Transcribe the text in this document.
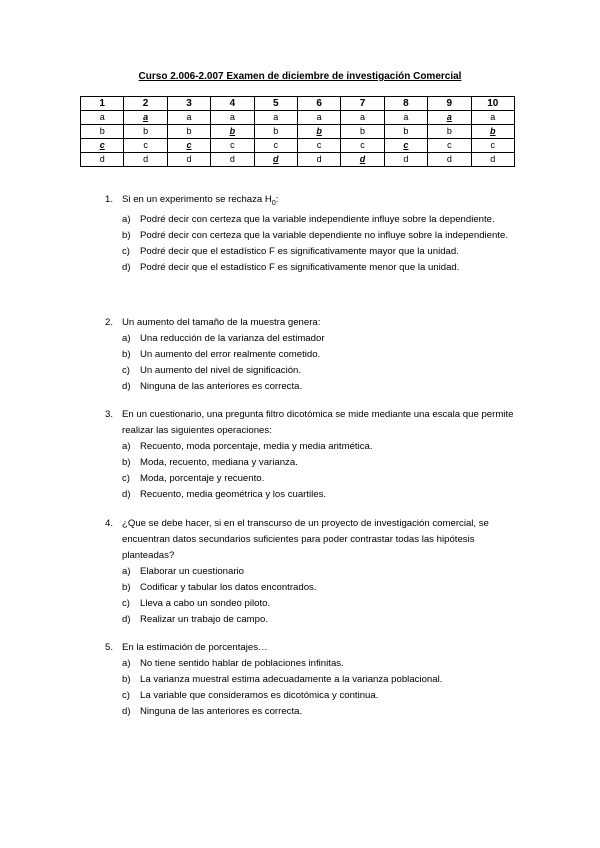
Curso 2.006-2.007 Examen de diciembre de investigación Comercial
1	2	3	4	5	6	7	8	9	10
a	a	a	a	a	a	a	a	a	a
b	b	b	b	b	b	b	b	b	b
c	c	c	c	c	c	c	c	c	c
d	d	d	d	d	d	d	d	d	d
1. Si en un experimento se rechaza $H_0$:
a) Podré decir con certeza que la variable independiente influye sobre la dependiente.
b) Podré decir con certeza que la variable dependiente no influye sobre la independiente.
c) Podré decir que el estadístico F es significativamente mayor que la unidad.
d) Podré decir que el estadístico F es significativamente menor que la unidad.
2. Un aumento del tamaño de la muestra genera:
a) Una reducción de la varianza del estimador
b) Un aumento del error realmente cometido.
c) Un aumento del nivel de significación.
d) Ninguna de las anteriores es correcta.
3. En un cuestionario, una pregunta filtro dicotómica se mide mediante una escala que permite realizar las siguientes operaciones:
a) Recuento, moda porcentaje, media y media aritmética.
b) Moda, recuento, mediana y varianza.
c) Moda, porcentaje y recuento.
d) Recuento, media geométrica y los cuartiles.
4. ¿Que se debe hacer, si en el transcurso de un proyecto de investigación comercial, se encuentran datos secundarios suficientes para poder contrastar todas las hipótesis planteadas?
a) Elaborar un cuestionario
b) Codificar y tabular los datos encontrados.
c) Lleva a cabo un sondeo piloto.
d) Realizar un trabajo de campo.
5. En la estimación de porcentajes…
a) No tiene sentido hablar de poblaciones infinitas.
b) La varianza muestral estima adecuadamente a la varianza poblacional.
c) La variable que consideramos es dicotómica y continua.
d) Ninguna de las anteriores es correcta.
